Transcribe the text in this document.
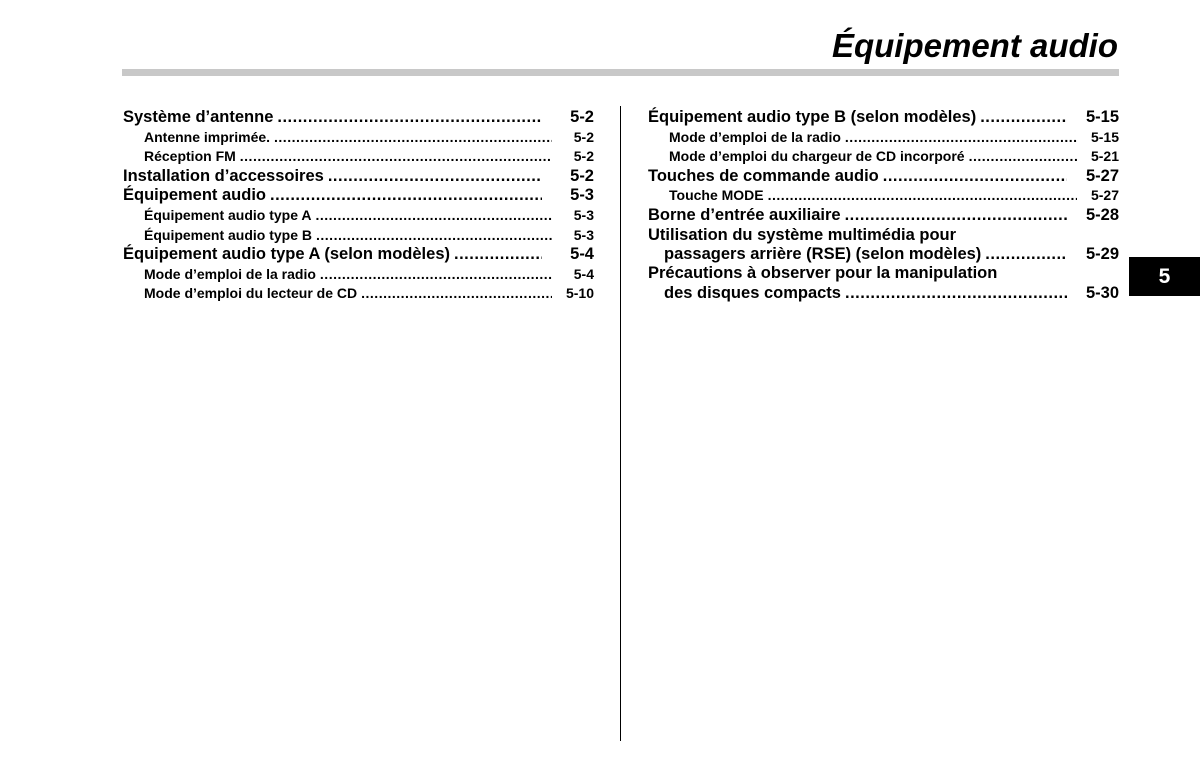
Équipement audio
5
Système d’antenne .....	5-2
Antenne imprimée. .....	5-2
Réception FM .....	5-2
Installation d’accessoires .....	5-2
Équipement audio .....	5-3
Équipement audio type A .....	5-3
Équipement audio type B .....	5-3
Équipement audio type A (selon modèles) .....	5-4
Mode d’emploi de la radio .....	5-4
Mode d’emploi du lecteur de CD .....	5-10
Équipement audio type B (selon modèles) .....	5-15
Mode d’emploi de la radio .....	5-15
Mode d’emploi du chargeur de CD incorporé .....	5-21
Touches de commande audio .....	5-27
Touche MODE .....	5-27
Borne d’entrée auxiliaire .....	5-28
Utilisation du système multimédia pour
passagers arrière (RSE) (selon modèles) .....	5-29
Précautions à observer pour la manipulation
des disques compacts .....	5-30
